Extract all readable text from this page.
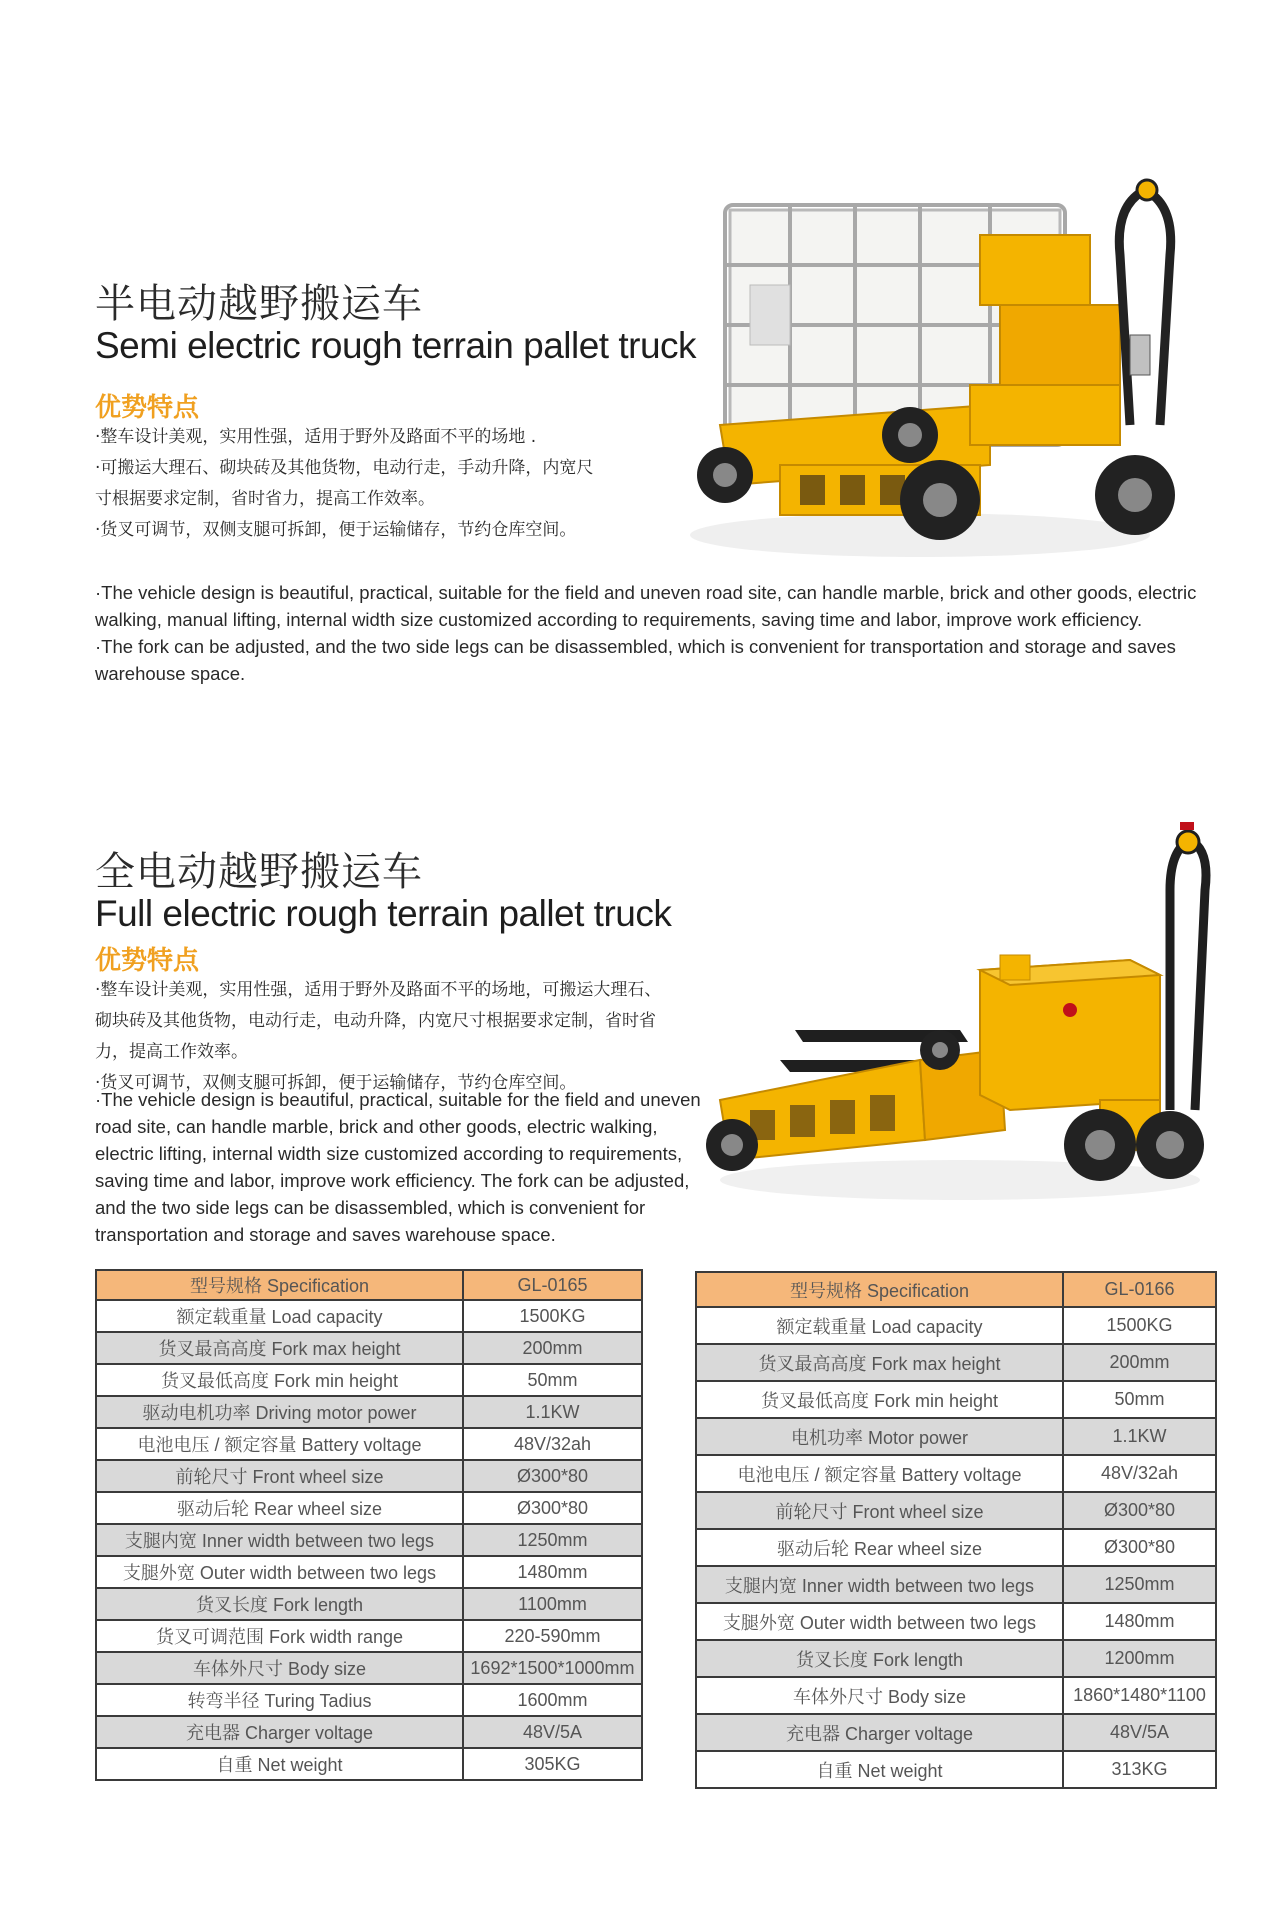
半电动越野搬运车
Semi electric rough terrain pallet truck
优势特点

·整车设计美观，实用性强，适用于野外及路面不平的场地 .

·可搬运大理石、砌块砖及其他货物，电动行走，手动升降，内宽尺

寸根据要求定制，省时省力，提高工作效率。

·货叉可调节，双侧支腿可拆卸，便于运输储存，节约仓库空间。

·The vehicle design is beautiful, practical, suitable for the field and uneven road site, can handle marble, brick and other goods, electric

walking, manual lifting, internal width size customized according to requirements, saving time and labor, improve work efficiency.

·The fork can be adjusted, and the two side legs can be disassembled, which is convenient for transportation and storage and saves

warehouse space.

全电动越野搬运车
Full electric rough terrain pallet truck
优势特点

·整车设计美观，实用性强，适用于野外及路面不平的场地，可搬运大理石、

砌块砖及其他货物，电动行走，电动升降，内宽尺寸根据要求定制，省时省

力，提高工作效率。

·货叉可调节，双侧支腿可拆卸，便于运输储存，节约仓库空间。

·The vehicle design is beautiful, practical, suitable for the field and uneven

road site, can handle marble, brick and other goods, electric walking,

electric lifting, internal width size customized according to requirements,

saving time and labor, improve work efficiency. The fork can be adjusted,

and the two side legs can be disassembled, which is convenient for

transportation and storage and saves warehouse space.

型号规格 Specification	GL-0165
额定载重量 Load capacity	1500KG
货叉最高高度 Fork max height	200mm
货叉最低高度 Fork min height	50mm
驱动电机功率 Driving motor power	1.1KW
电池电压 / 额定容量 Battery voltage	48V/32ah
前轮尺寸 Front wheel size	Ø300*80
驱动后轮 Rear wheel size	Ø300*80
支腿内宽 Inner width between two legs	1250mm
支腿外宽 Outer width between two legs	1480mm
货叉长度 Fork length	1100mm
货叉可调范围 Fork width range	220-590mm
车体外尺寸 Body size	1692*1500*1000mm
转弯半径 Turing Tadius	1600mm
充电器 Charger voltage	48V/5A
自重 Net weight	305KG
型号规格 Specification	GL-0166
额定载重量 Load capacity	1500KG
货叉最高高度 Fork max height	200mm
货叉最低高度 Fork min height	50mm
电机功率 Motor power	1.1KW
电池电压 / 额定容量 Battery voltage	48V/32ah
前轮尺寸 Front wheel size	Ø300*80
驱动后轮 Rear wheel size	Ø300*80
支腿内宽 Inner width between two legs	1250mm
支腿外宽 Outer width between two legs	1480mm
货叉长度 Fork length	1200mm
车体外尺寸 Body size	1860*1480*1100
充电器 Charger voltage	48V/5A
自重 Net weight	313KG
